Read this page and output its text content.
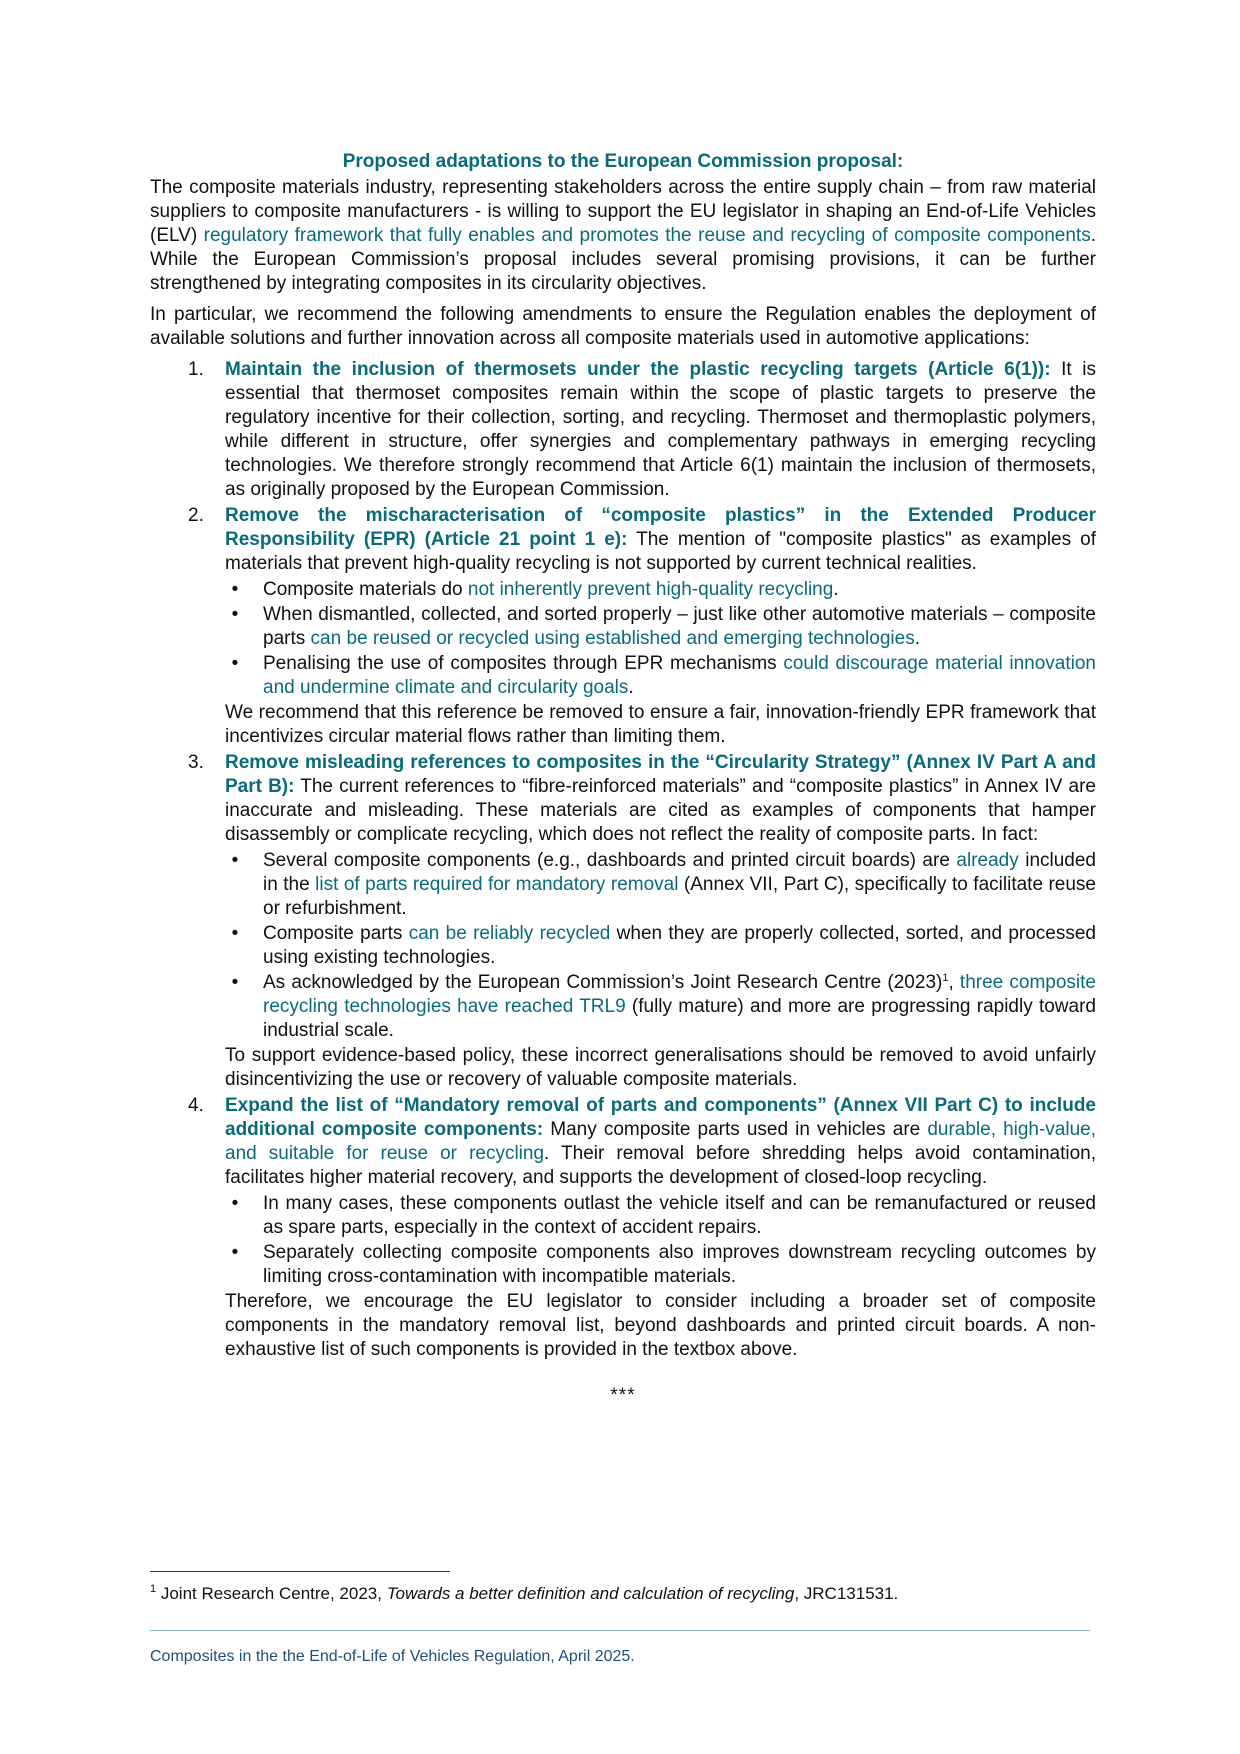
Proposed adaptations to the European Commission proposal:

The composite materials industry, representing stakeholders across the entire supply chain – from raw material suppliers to composite manufacturers - is willing to support the EU legislator in shaping an End-of-Life Vehicles (ELV) regulatory framework that fully enables and promotes the reuse and recycling of composite components. While the European Commission’s proposal includes several promising provisions, it can be further strengthened by integrating composites in its circularity objectives.

In particular, we recommend the following amendments to ensure the Regulation enables the deployment of available solutions and further innovation across all composite materials used in automotive applications:

1. Maintain the inclusion of thermosets under the plastic recycling targets (Article 6(1)): It is essential that thermoset composites remain within the scope of plastic targets to preserve the regulatory incentive for their collection, sorting, and recycling. Thermoset and thermoplastic polymers, while different in structure, offer synergies and complementary pathways in emerging recycling technologies. We therefore strongly recommend that Article 6(1) maintain the inclusion of thermosets, as originally proposed by the European Commission.
2. Remove the mischaracterisation of “composite plastics” in the Extended Producer Responsibility (EPR) (Article 21 point 1 e): The mention of "composite plastics" as examples of materials that prevent high-quality recycling is not supported by current technical realities.
•	Composite materials do not inherently prevent high-quality recycling.
•	When dismantled, collected, and sorted properly – just like other automotive materials – composite parts can be reused or recycled using established and emerging technologies.
•	Penalising the use of composites through EPR mechanisms could discourage material innovation and undermine climate and circularity goals.

We recommend that this reference be removed to ensure a fair, innovation-friendly EPR framework that incentivizes circular material flows rather than limiting them.

3. Remove misleading references to composites in the “Circularity Strategy” (Annex IV Part A and Part B): The current references to “fibre-reinforced materials” and “composite plastics” in Annex IV are inaccurate and misleading. These materials are cited as examples of components that hamper disassembly or complicate recycling, which does not reflect the reality of composite parts. In fact:
•	Several composite components (e.g., dashboards and printed circuit boards) are already included in the list of parts required for mandatory removal (Annex VII, Part C), specifically to facilitate reuse or refurbishment.
•	Composite parts can be reliably recycled when they are properly collected, sorted, and processed using existing technologies.
•	As acknowledged by the European Commission’s Joint Research Centre (2023)$^1$, three composite recycling technologies have reached TRL9 (fully mature) and more are progressing rapidly toward industrial scale.

To support evidence-based policy, these incorrect generalisations should be removed to avoid unfairly disincentivizing the use or recovery of valuable composite materials.

4. Expand the list of “Mandatory removal of parts and components” (Annex VII Part C) to include additional composite components: Many composite parts used in vehicles are durable, high-value, and suitable for reuse or recycling. Their removal before shredding helps avoid contamination, facilitates higher material recovery, and supports the development of closed-loop recycling.
•	In many cases, these components outlast the vehicle itself and can be remanufactured or reused as spare parts, especially in the context of accident repairs.
•	Separately collecting composite components also improves downstream recycling outcomes by limiting cross-contamination with incompatible materials.

Therefore, we encourage the EU legislator to consider including a broader set of composite components in the mandatory removal list, beyond dashboards and printed circuit boards. A non-exhaustive list of such components is provided in the textbox above.

***
$^1$ Joint Research Centre, 2023, Towards a better definition and calculation of recycling, JRC131531.
Composites in the the End-of-Life of Vehicles Regulation, April 2025.
